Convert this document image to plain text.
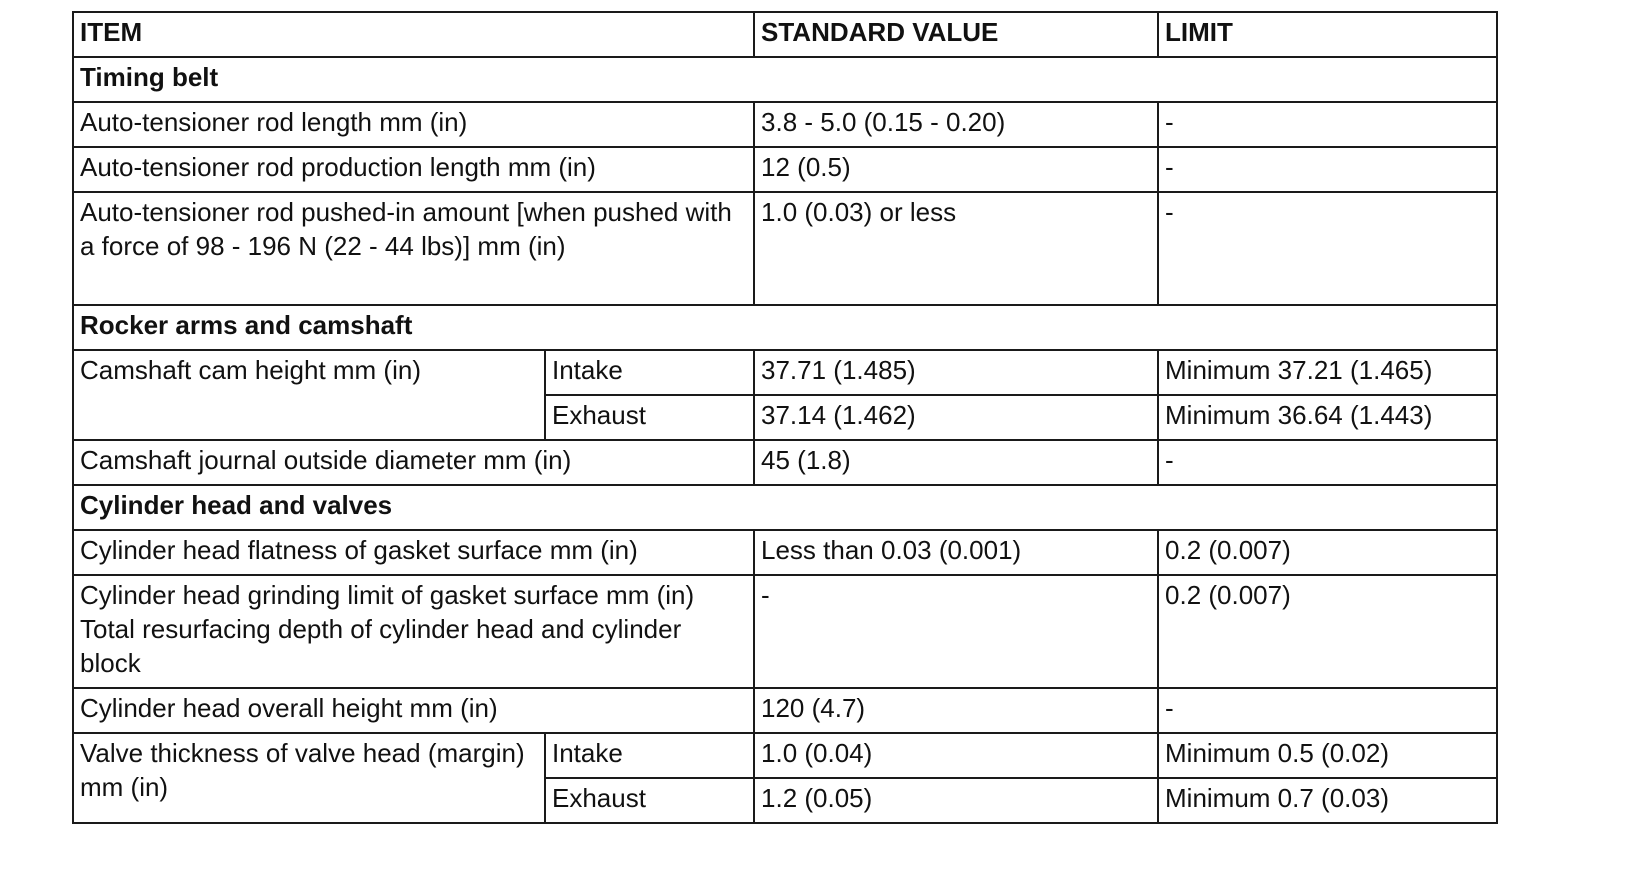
ITEM		STANDARD VALUE	LIMIT
Timing belt			
Auto-tensioner rod length mm (in)		3.8 - 5.0 (0.15 - 0.20)	-
Auto-tensioner rod production length mm (in)		12 (0.5)	-
Auto-tensioner rod pushed-in amount [when pushed with a force of 98 - 196 N (22 - 44 lbs)] mm (in)		1.0 (0.03) or less	-
Rocker arms and camshaft			
Camshaft cam height mm (in)	Intake	37.71 (1.485)	Minimum 37.21 (1.465)
	Exhaust	37.14 (1.462)	Minimum 36.64 (1.443)
Camshaft journal outside diameter mm (in)		45 (1.8)	-
Cylinder head and valves			
Cylinder head flatness of gasket surface mm (in)		Less than 0.03 (0.001)	0.2 (0.007)
Cylinder head grinding limit of gasket surface mm (in) Total resurfacing depth of cylinder head and cylinder block		-	0.2 (0.007)
Cylinder head overall height mm (in)		120 (4.7)	-
Valve thickness of valve head (margin) mm (in)	Intake	1.0 (0.04)	Minimum 0.5 (0.02)
	Exhaust	1.2 (0.05)	Minimum 0.7 (0.03)
